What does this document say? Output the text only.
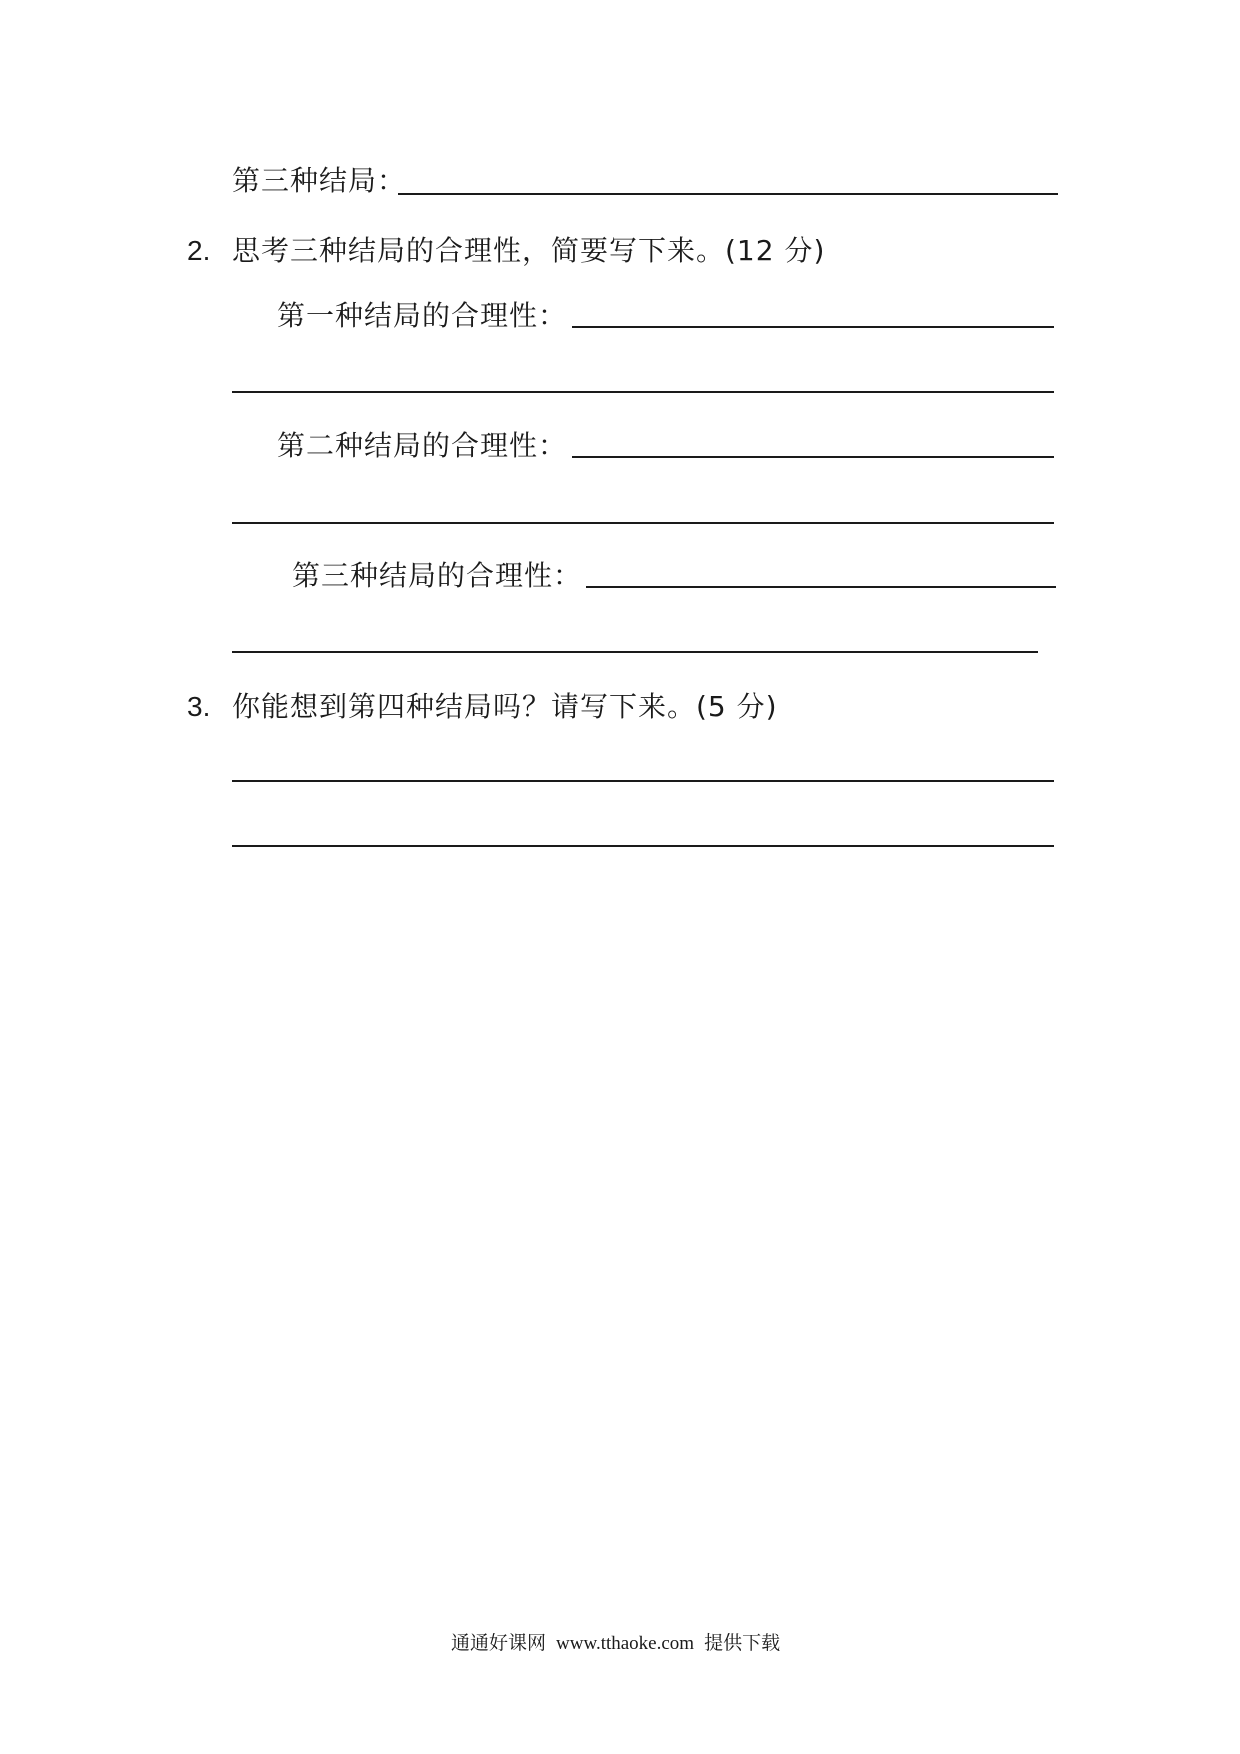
第三种结局：
2. 思考三种结局的合理性，简要写下来。(12 分)
第一种结局的合理性：
第二种结局的合理性：
第三种结局的合理性：
3. 你能想到第四种结局吗？请写下来。(5 分)
通通好课网 www.tthaoke.com 提供下载
